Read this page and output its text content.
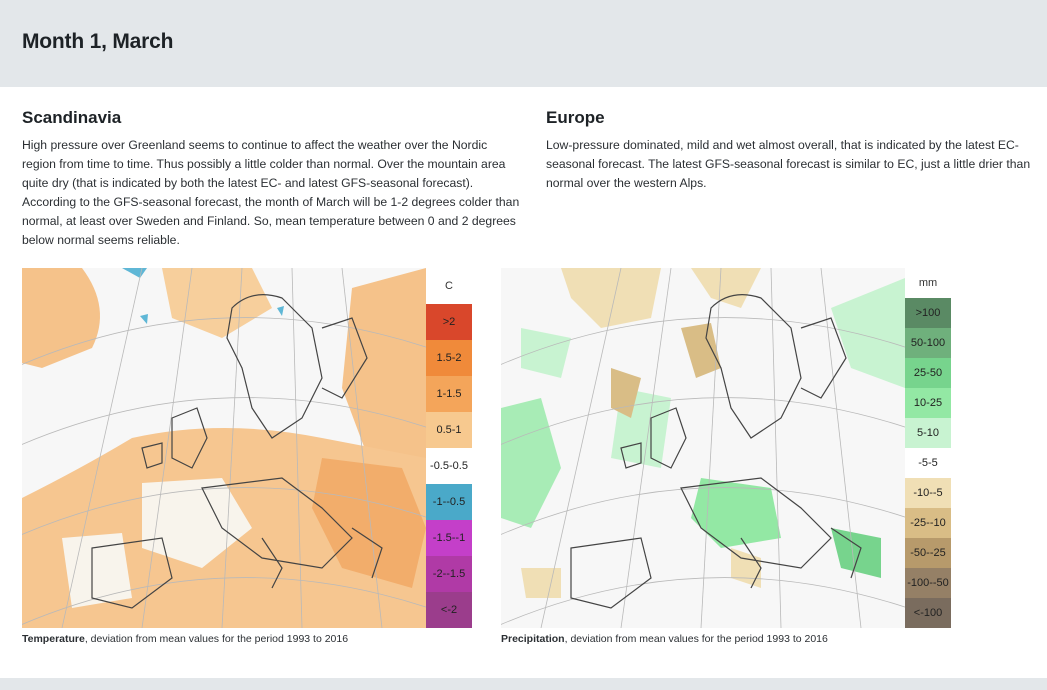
Month 1, March
Scandinavia

High pressure over Greenland seems to continue to affect the weather over the Nordic region from time to time. Thus possibly a little colder than normal. Over the mountain area quite dry (that is indicated by both the latest EC- and latest GFS-seasonal forecast). According to the GFS-seasonal forecast, the month of March will be 1-2 degrees colder than normal, at least over Sweden and Finland. So, mean temperature between 0 and 2 degrees below normal seems reliable.

Europe

Low-pressure dominated, mild and wet almost overall, that is indicated by the latest EC-seasonal forecast. The latest GFS-seasonal forecast is similar to EC, just a little drier than normal over the western Alps.

C
>2
1.5-2
1-1.5
0.5-1
-0.5-0.5
-1--0.5
-1.5--1
-2--1.5
<-2
Temperature, deviation from mean values for the period 1993 to 2016
mm
>100
50-100
25-50
10-25
5-10
-5-5
-10--5
-25--10
-50--25
-100--50
<-100
Precipitation, deviation from mean values for the period 1993 to 2016
